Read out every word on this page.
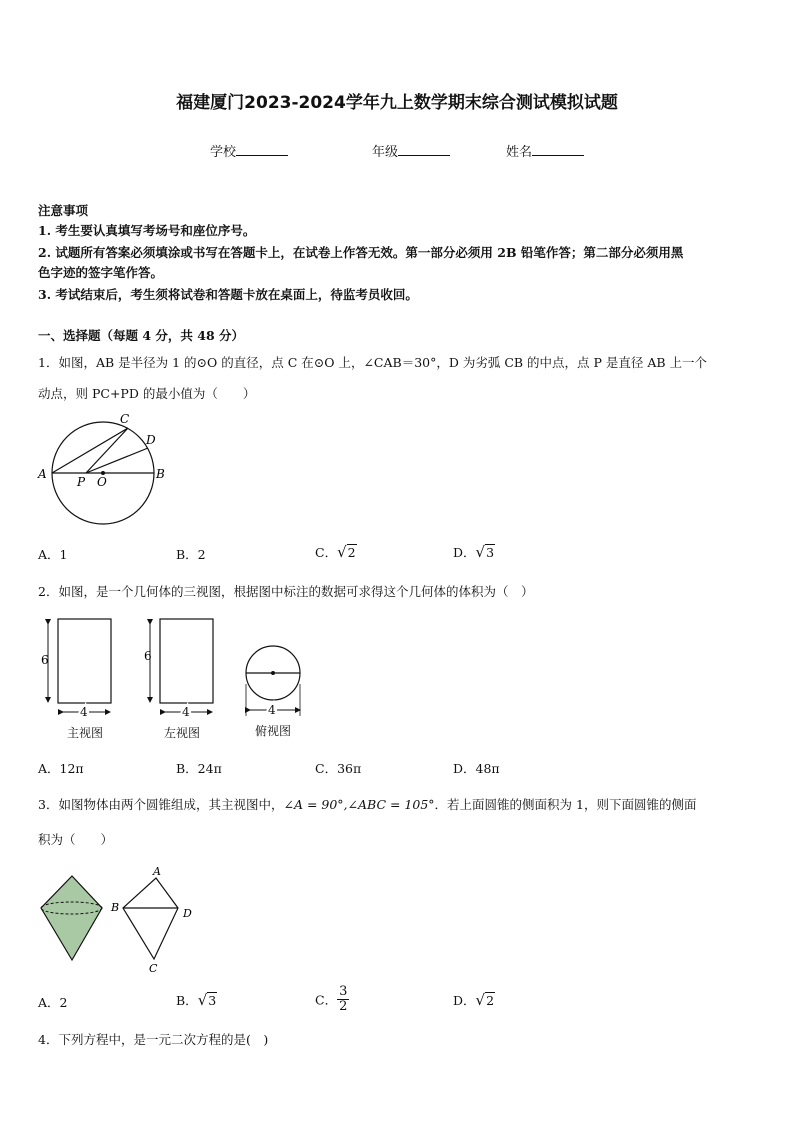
福建厦门2023-2024学年九上数学期末综合测试模拟试题
学校	年级	姓名
注意事项
1. 考生要认真填写考场号和座位序号。
2. 试题所有答案必须填涂或书写在答题卡上，在试卷上作答无效。第一部分必须用 2B 铅笔作答；第二部分必须用黑
色字迹的签字笔作答。
3. 考试结束后，考生须将试卷和答题卡放在桌面上，待监考员收回。
一、选择题（每题 4 分，共 48 分）
1．如图，AB 是半径为 1 的⊙O 的直径，点 C 在⊙O 上，∠CAB＝30°，D 为劣弧 CB 的中点，点 P 是直径 AB 上一个
动点，则 PC+PD 的最小值为（　　）
A	B
C
D
P O
A．1	B．2	C．√2	D．√3
2．如图，是一个几何体的三视图，根据图中标注的数据可求得这个几何体的体积为（　）
6
4
6
4	4
主视图	左视图	俯视图
A．12π	B．24π	C．36π	D．48π
3．如图物体由两个圆锥组成，其主视图中，∠A = 90°,∠ABC = 105°．若上面圆锥的侧面积为 1，则下面圆锥的侧面
积为（　　）
A
B
C
D
A．2	B．√3	C． $\frac{3}{2}$	D．√2
4．下列方程中，是一元二次方程的是(　)
